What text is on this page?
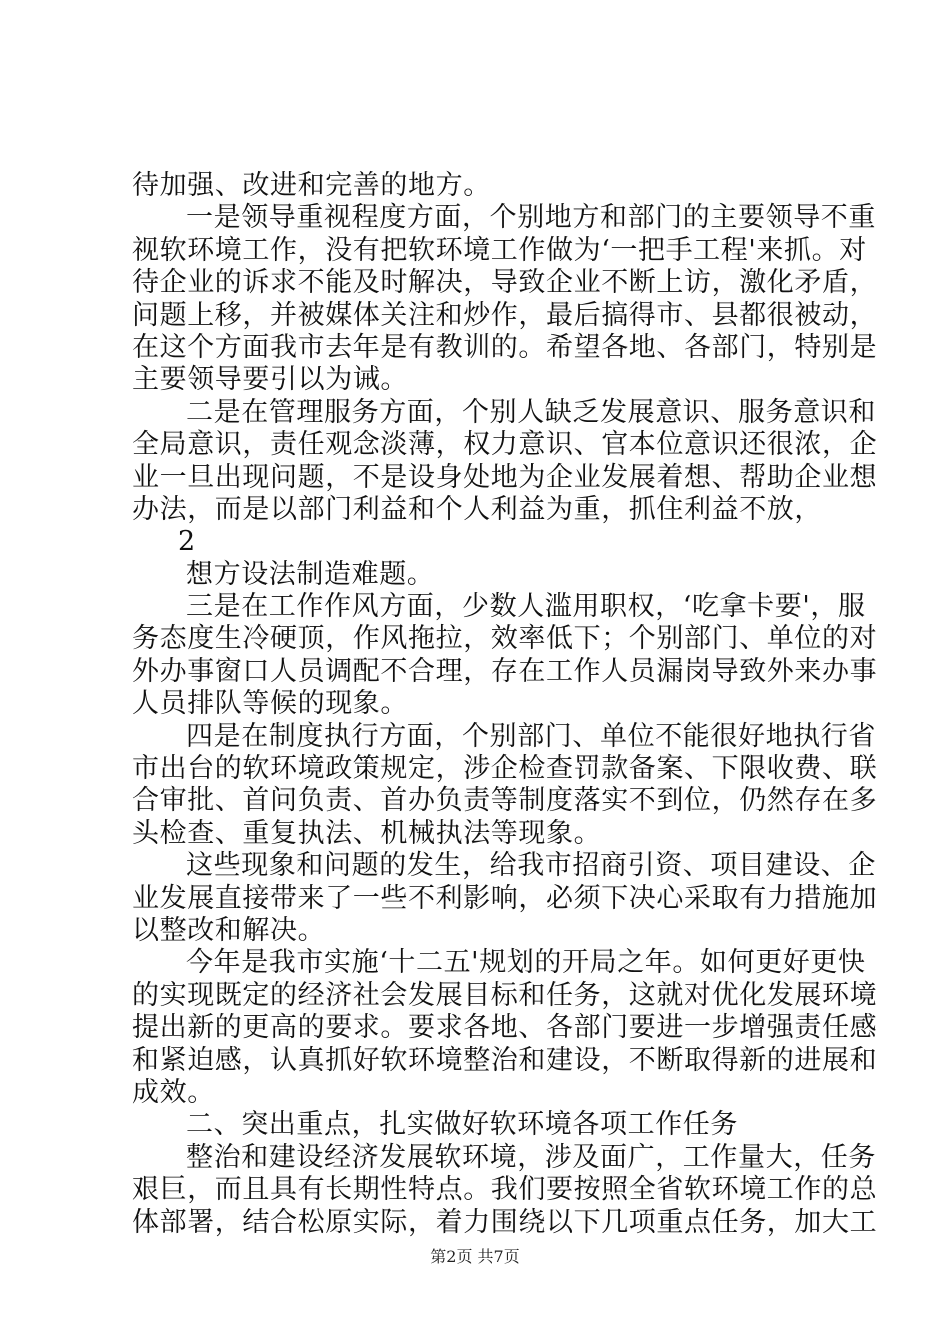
待加强、改进和完善的地方。
一是领导重视程度方面，个别地方和部门的主要领导不重
视软环境工作，没有把软环境工作做为‘一把手工程'来抓。对
待企业的诉求不能及时解决，导致企业不断上访，激化矛盾，
问题上移，并被媒体关注和炒作，最后搞得市、县都很被动，
在这个方面我市去年是有教训的。希望各地、各部门，特别是
主要领导要引以为诫。
二是在管理服务方面，个别人缺乏发展意识、服务意识和
全局意识，责任观念淡薄，权力意识、官本位意识还很浓，企
业一旦出现问题，不是设身处地为企业发展着想、帮助企业想
办法，而是以部门利益和个人利益为重，抓住利益不放，
2
想方设法制造难题。
三是在工作作风方面，少数人滥用职权，‘吃拿卡要'，服
务态度生冷硬顶，作风拖拉，效率低下；个别部门、单位的对
外办事窗口人员调配不合理，存在工作人员漏岗导致外来办事
人员排队等候的现象。
四是在制度执行方面，个别部门、单位不能很好地执行省
市出台的软环境政策规定，涉企检查罚款备案、下限收费、联
合审批、首问负责、首办负责等制度落实不到位，仍然存在多
头检查、重复执法、机械执法等现象。
这些现象和问题的发生，给我市招商引资、项目建设、企
业发展直接带来了一些不利影响，必须下决心采取有力措施加
以整改和解决。
今年是我市实施‘十二五'规划的开局之年。如何更好更快
的实现既定的经济社会发展目标和任务，这就对优化发展环境
提出新的更高的要求。要求各地、各部门要进一步增强责任感
和紧迫感，认真抓好软环境整治和建设，不断取得新的进展和
成效。
二、突出重点，扎实做好软环境各项工作任务
整治和建设经济发展软环境，涉及面广，工作量大，任务
艰巨，而且具有长期性特点。我们要按照全省软环境工作的总
体部署，结合松原实际，着力围绕以下几项重点任务，加大工
第2页 共7页
